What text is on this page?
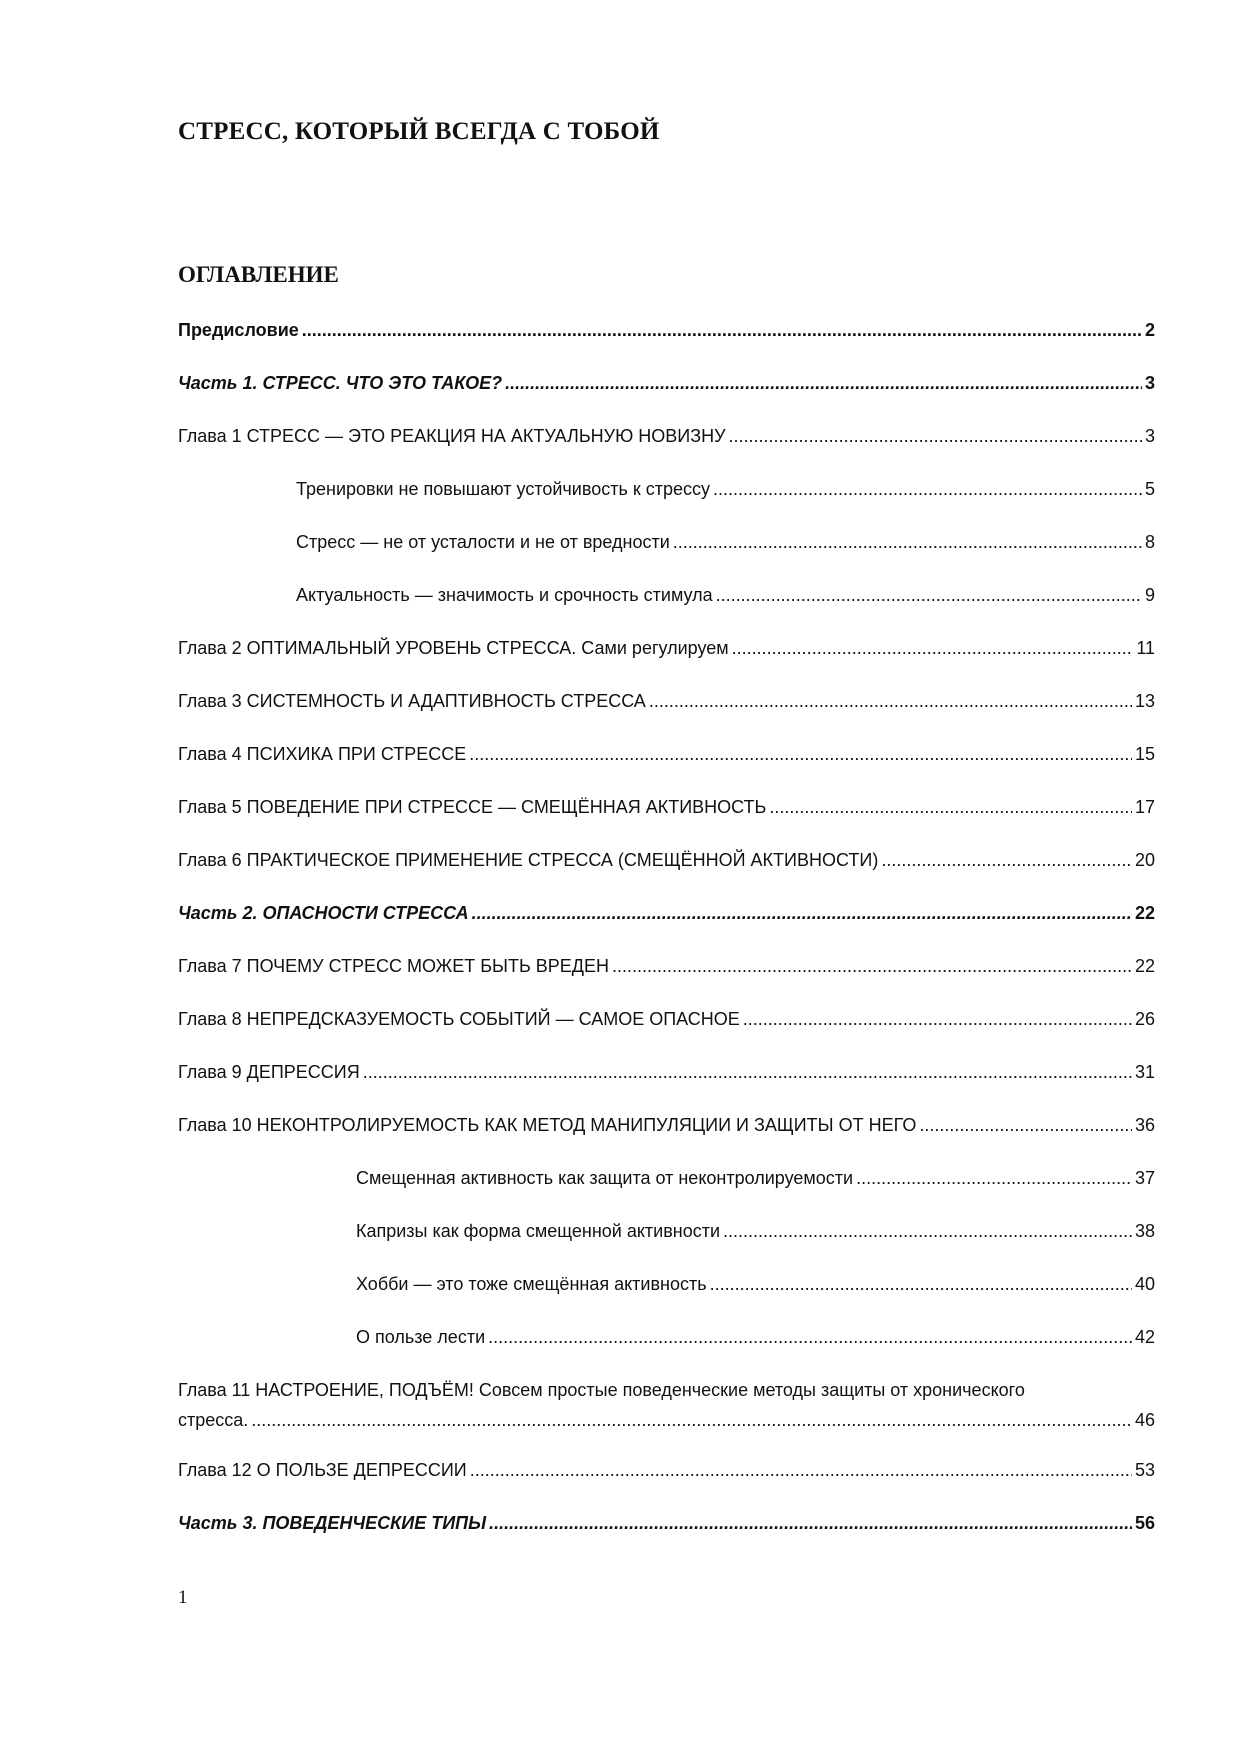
СТРЕСС, КОТОРЫЙ ВСЕГДА С ТОБОЙ
ОГЛАВЛЕНИЕ
Предисловие .....	2
Часть 1. СТРЕСС. ЧТО ЭТО ТАКОЕ? .....	3
Глава 1 СТРЕСС — ЭТО РЕАКЦИЯ НА АКТУАЛЬНУЮ НОВИЗНУ .....	3
Тренировки не повышают устойчивость к стрессу .....	5
Стресс — не от усталости и не от вредности .....	8
Актуальность — значимость и срочность стимула .....	9
Глава 2 ОПТИМАЛЬНЫЙ УРОВЕНЬ СТРЕССА. Сами регулируем .....	11
Глава 3 СИСТЕМНОСТЬ И АДАПТИВНОСТЬ СТРЕССА .....	13
Глава 4 ПСИХИКА ПРИ СТРЕССЕ .....	15
Глава 5 ПОВЕДЕНИЕ ПРИ СТРЕССЕ — СМЕЩЁННАЯ АКТИВНОСТЬ .....	17
Глава 6 ПРАКТИЧЕСКОЕ ПРИМЕНЕНИЕ СТРЕССА (СМЕЩЁННОЙ АКТИВНОСТИ) .....	20
Часть 2. ОПАСНОСТИ СТРЕССА .....	22
Глава 7 ПОЧЕМУ СТРЕСС МОЖЕТ БЫТЬ ВРЕДЕН .....	22
Глава 8 НЕПРЕДСКАЗУЕМОСТЬ СОБЫТИЙ — САМОЕ ОПАСНОЕ .....	26
Глава 9 ДЕПРЕССИЯ .....	31
Глава 10 НЕКОНТРОЛИРУЕМОСТЬ КАК МЕТОД МАНИПУЛЯЦИИ И ЗАЩИТЫ ОТ НЕГО .....	36
Смещенная активность как защита от неконтролируемости .....	37
Капризы как форма смещенной активности .....	38
Хобби — это тоже смещённая активность .....	40
О пользе лести .....	42
Глава 11 НАСТРОЕНИЕ, ПОДЪЁМ! Совсем простые поведенческие методы защиты от хронического
стресса. .....	46
Глава 12 О ПОЛЬЗЕ ДЕПРЕССИИ .....	53
Часть 3. ПОВЕДЕНЧЕСКИЕ ТИПЫ .....	56

1
